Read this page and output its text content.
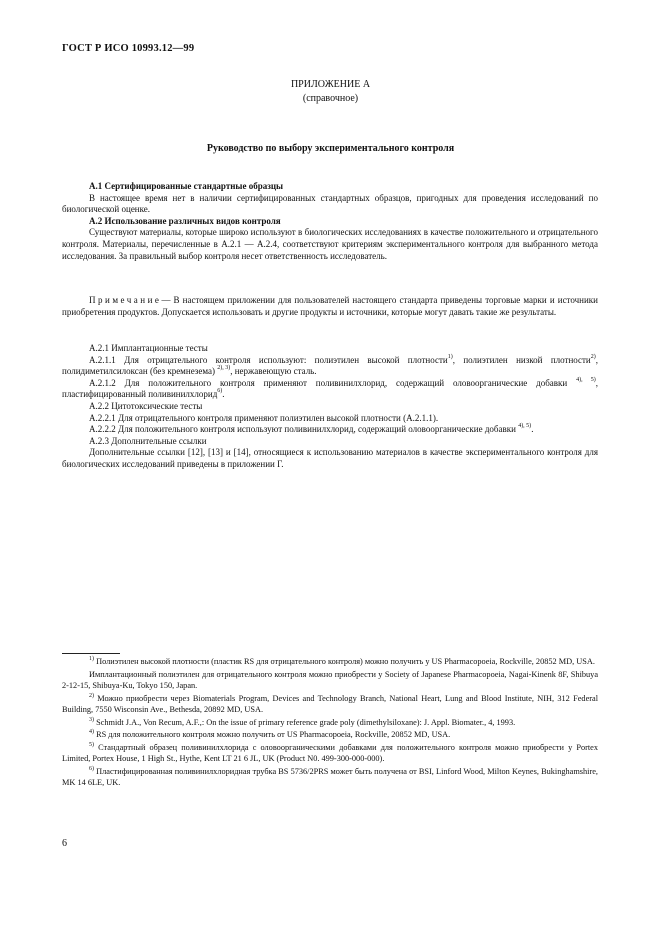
ГОСТ Р ИСО 10993.12—99
ПРИЛОЖЕНИЕ А
(справочное)
Руководство по выбору экспериментального контроля

А.1 Сертифицированные стандартные образцы

В настоящее время нет в наличии сертифицированных стандартных образцов, пригодных для проведения исследований по биологической оценке.

А.2 Использование различных видов контроля

Существуют материалы, которые широко используют в биологических исследованиях в качестве положительного и отрицательного контроля. Материалы, перечисленные в А.2.1 — А.2.4, соответствуют критериям экспериментального контроля для выбранного метода исследования. За правильный выбор контроля несет ответственность исследователь.

Примечание— В настоящем приложении для пользователей настоящего стандарта приведены торговые марки и источники приобретения продуктов. Допускается использовать и другие продукты и источники, которые могут давать такие же результаты.

А.2.1 Имплантационные тесты

А.2.1.1 Для отрицательного контроля используют: полиэтилен высокой плотности$^{1)}$, полиэтилен низкой плотности$^{2)}$, полидиметилсилоксан (без кремнезема) $^{2), 3)}$, нержавеющую сталь.

А.2.1.2 Для положительного контроля применяют поливинилхлорид, содержащий оловоорганические добавки $^{4), 5)}$, пластифицированный поливинилхлорид$^{6)}$.

А.2.2 Цитотоксические тесты

А.2.2.1 Для отрицательного контроля применяют полиэтилен высокой плотности (А.2.1.1).

А.2.2.2 Для положительного контроля используют поливинилхлорид, содержащий оловоорганические добавки $^{4), 5)}$.

А.2.3 Дополнительные ссылки

Дополнительные ссылки [12], [13] и [14], относящиеся к использованию материалов в качестве экспериментального контроля для биологических исследований приведены в приложении Г.

$^{1)}$ Полиэтилен высокой плотности (пластик RS для отрицательного контроля) можно получить у US Pharmacopoeia, Rockville, 20852 MD, USA.

Имплантационный полиэтилен для отрицательного контроля можно приобрести у Society of Japanese Pharmacopoeia, Nagai-Kinenk 8F, Shibuya 2-12-15, Shibuya-Ku, Tokyo 150, Japan.

$^{2)}$ Можно приобрести через Biomaterials Program, Devices and Technology Branch, National Heart, Lung and Blood Institute, NIH, 312 Federal Building, 7550 Wisconsin Ave., Bethesda, 20892 MD, USA.

$^{3)}$ Schmidt J.A., Von Recum, A.F.,: On the issue of primary reference grade poly (dimethylsiloxane): J. Appl. Biomater., 4, 1993.

$^{4)}$ RS для положительного контроля можно получить от US Pharmacopoeia, Rockville, 20852 MD, USA.

$^{5)}$ Стандартный образец поливинилхлорида с оловоорганическими добавками для положительного контроля можно приобрести у Portex Limited, Portex House, 1 High St., Hythe, Kent LT 21 6 JL, UK (Product N0. 499-300-000-000).

$^{6)}$ Пластифицированная поливинилхлоридная трубка BS 5736/2PRS может быть получена от BSI, Linford Wood, Milton Keynes, Bukinghamshire, MK 14 6LE, UK.

6
